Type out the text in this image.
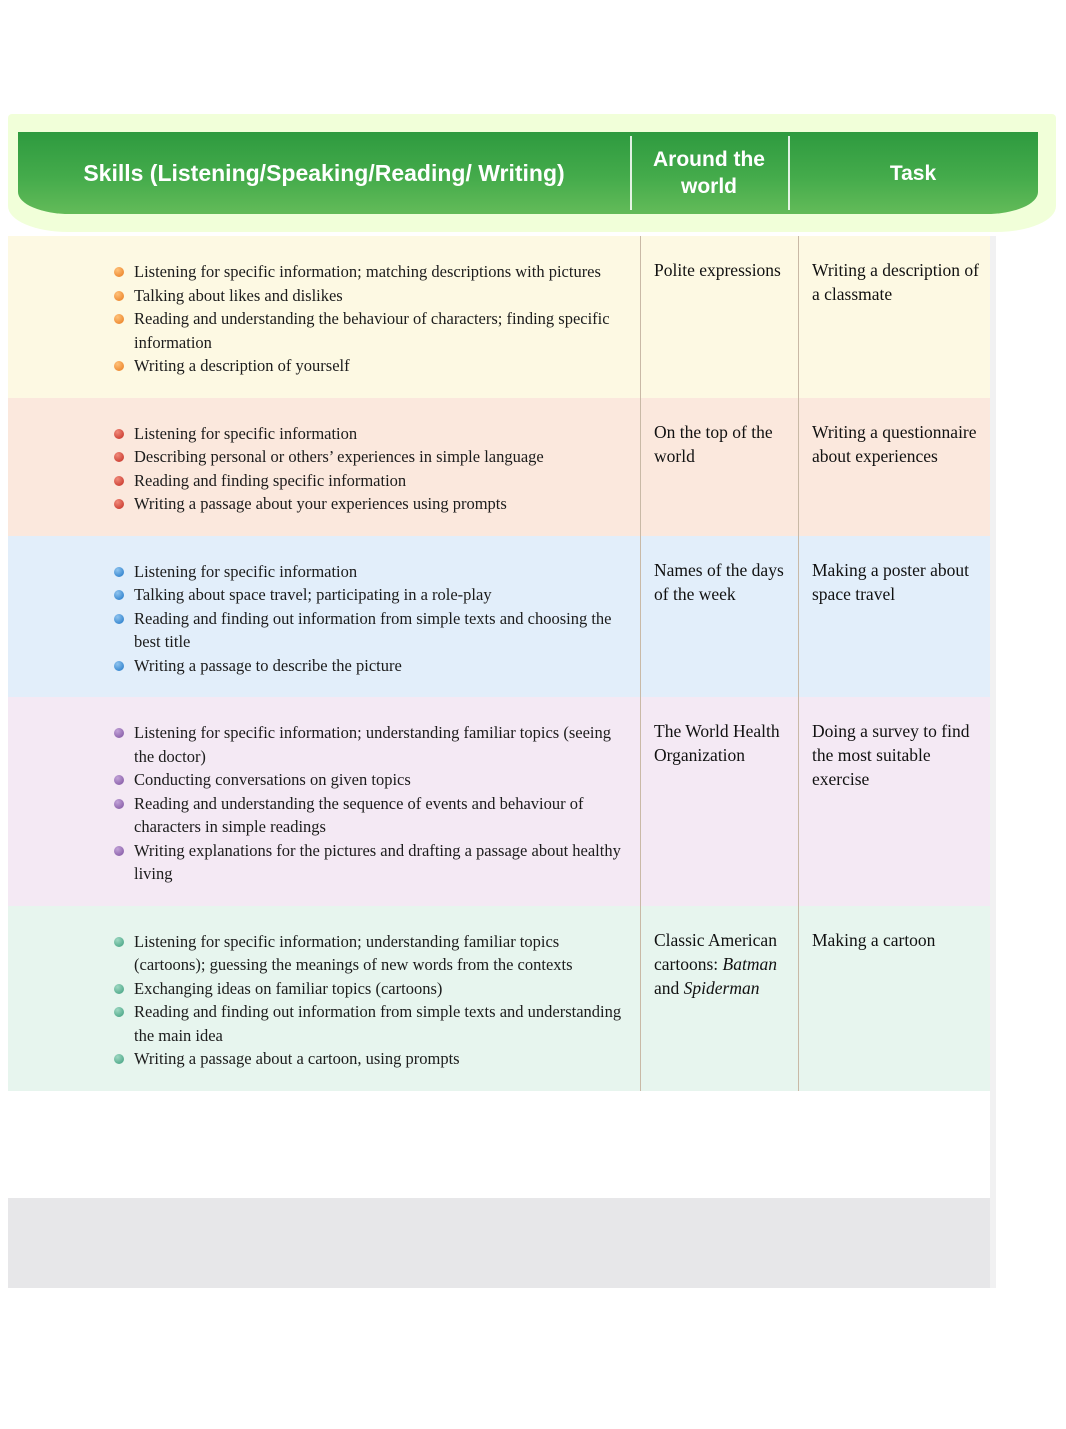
Skills (Listening/Speaking/Reading/ Writing)
Around the world
Task
Listening for specific information; matching descriptions with pictures
Talking about likes and dislikes
Reading and understanding the behaviour of characters; finding specific information
Writing a description of yourself
Polite expressions	Writing a description of a classmate
Listening for specific information
Describing personal or others’ experiences in simple language
Reading and finding specific information
Writing a passage about your experiences using prompts
On the top of the world
Writing a questionnaire about experiences
Listening for specific information
Talking about space travel; participating in a role-play
Reading and finding out information from simple texts and choosing the best title
Writing a passage to describe the picture
Names of the days of the week
Making a poster about space travel
Listening for specific information; understanding familiar topics (seeing the doctor)
Conducting conversations on given topics
Reading and understanding the sequence of events and behaviour of characters in simple readings
Writing explanations for the pictures and drafting a passage about healthy living
The World Health Organization
Doing a survey to find the most suitable exercise
Listening for specific information; understanding familiar topics (cartoons); guessing the meanings of new words from the contexts
Exchanging ideas on familiar topics (cartoons)
Reading and finding out information from simple texts and understanding the main idea
Writing a passage about a cartoon, using prompts
Classic American cartoons: Batman and Spiderman
Making a cartoon
